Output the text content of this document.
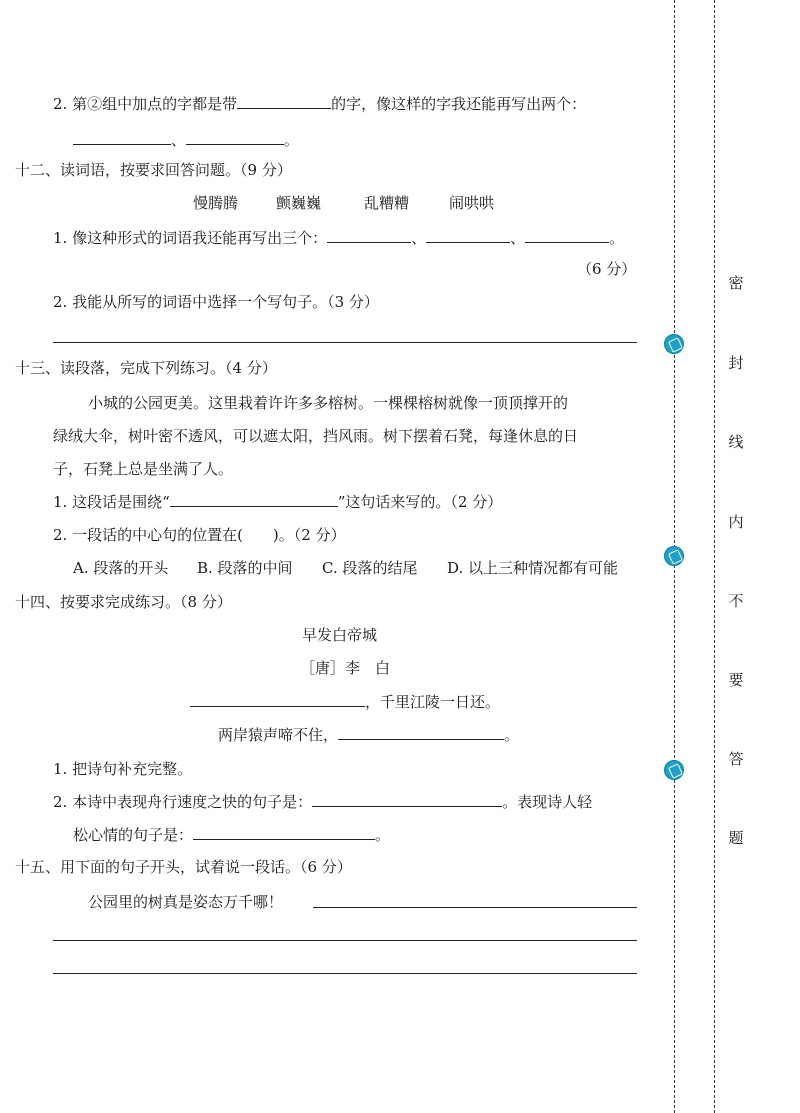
2. 第②组中加点的字都是带	的字，像这样的字我还能再写出两个：
、	。
十二、读词语，按要求回答问题。（9 分）
慢腾腾	颤巍巍	乱糟糟	闹哄哄
1. 像这种形式的词语我还能再写出三个：	、	、	。
（6 分）
2. 我能从所写的词语中选择一个写句子。（3 分）
十三、读段落，完成下列练习。（4 分）
小城的公园更美。这里栽着许许多多榕树。一棵棵榕树就像一顶顶撑开的
绿绒大伞，树叶密不透风，可以遮太阳，挡风雨。树下摆着石凳，每逢休息的日
子，石凳上总是坐满了人。
1. 这段话是围绕“	”这句话来写的。（2 分）
2. 一段话的中心句的位置在(　　)。（2 分）
A. 段落的开头 B. 段落的中间 C. 段落的结尾 D. 以上三种情况都有可能
十四、按要求完成练习。（8 分）
早发白帝城
［唐］李　白
，千里江陵一日还。
两岸猿声啼不住，	。
1. 把诗句补充完整。
2. 本诗中表现舟行速度之快的句子是：	。表现诗人轻
松心情的句子是：	。
十五、用下面的句子开头，试着说一段话。（6 分）
公园里的树真是姿态万千哪！
密
封
线
内
不
要
答
题
